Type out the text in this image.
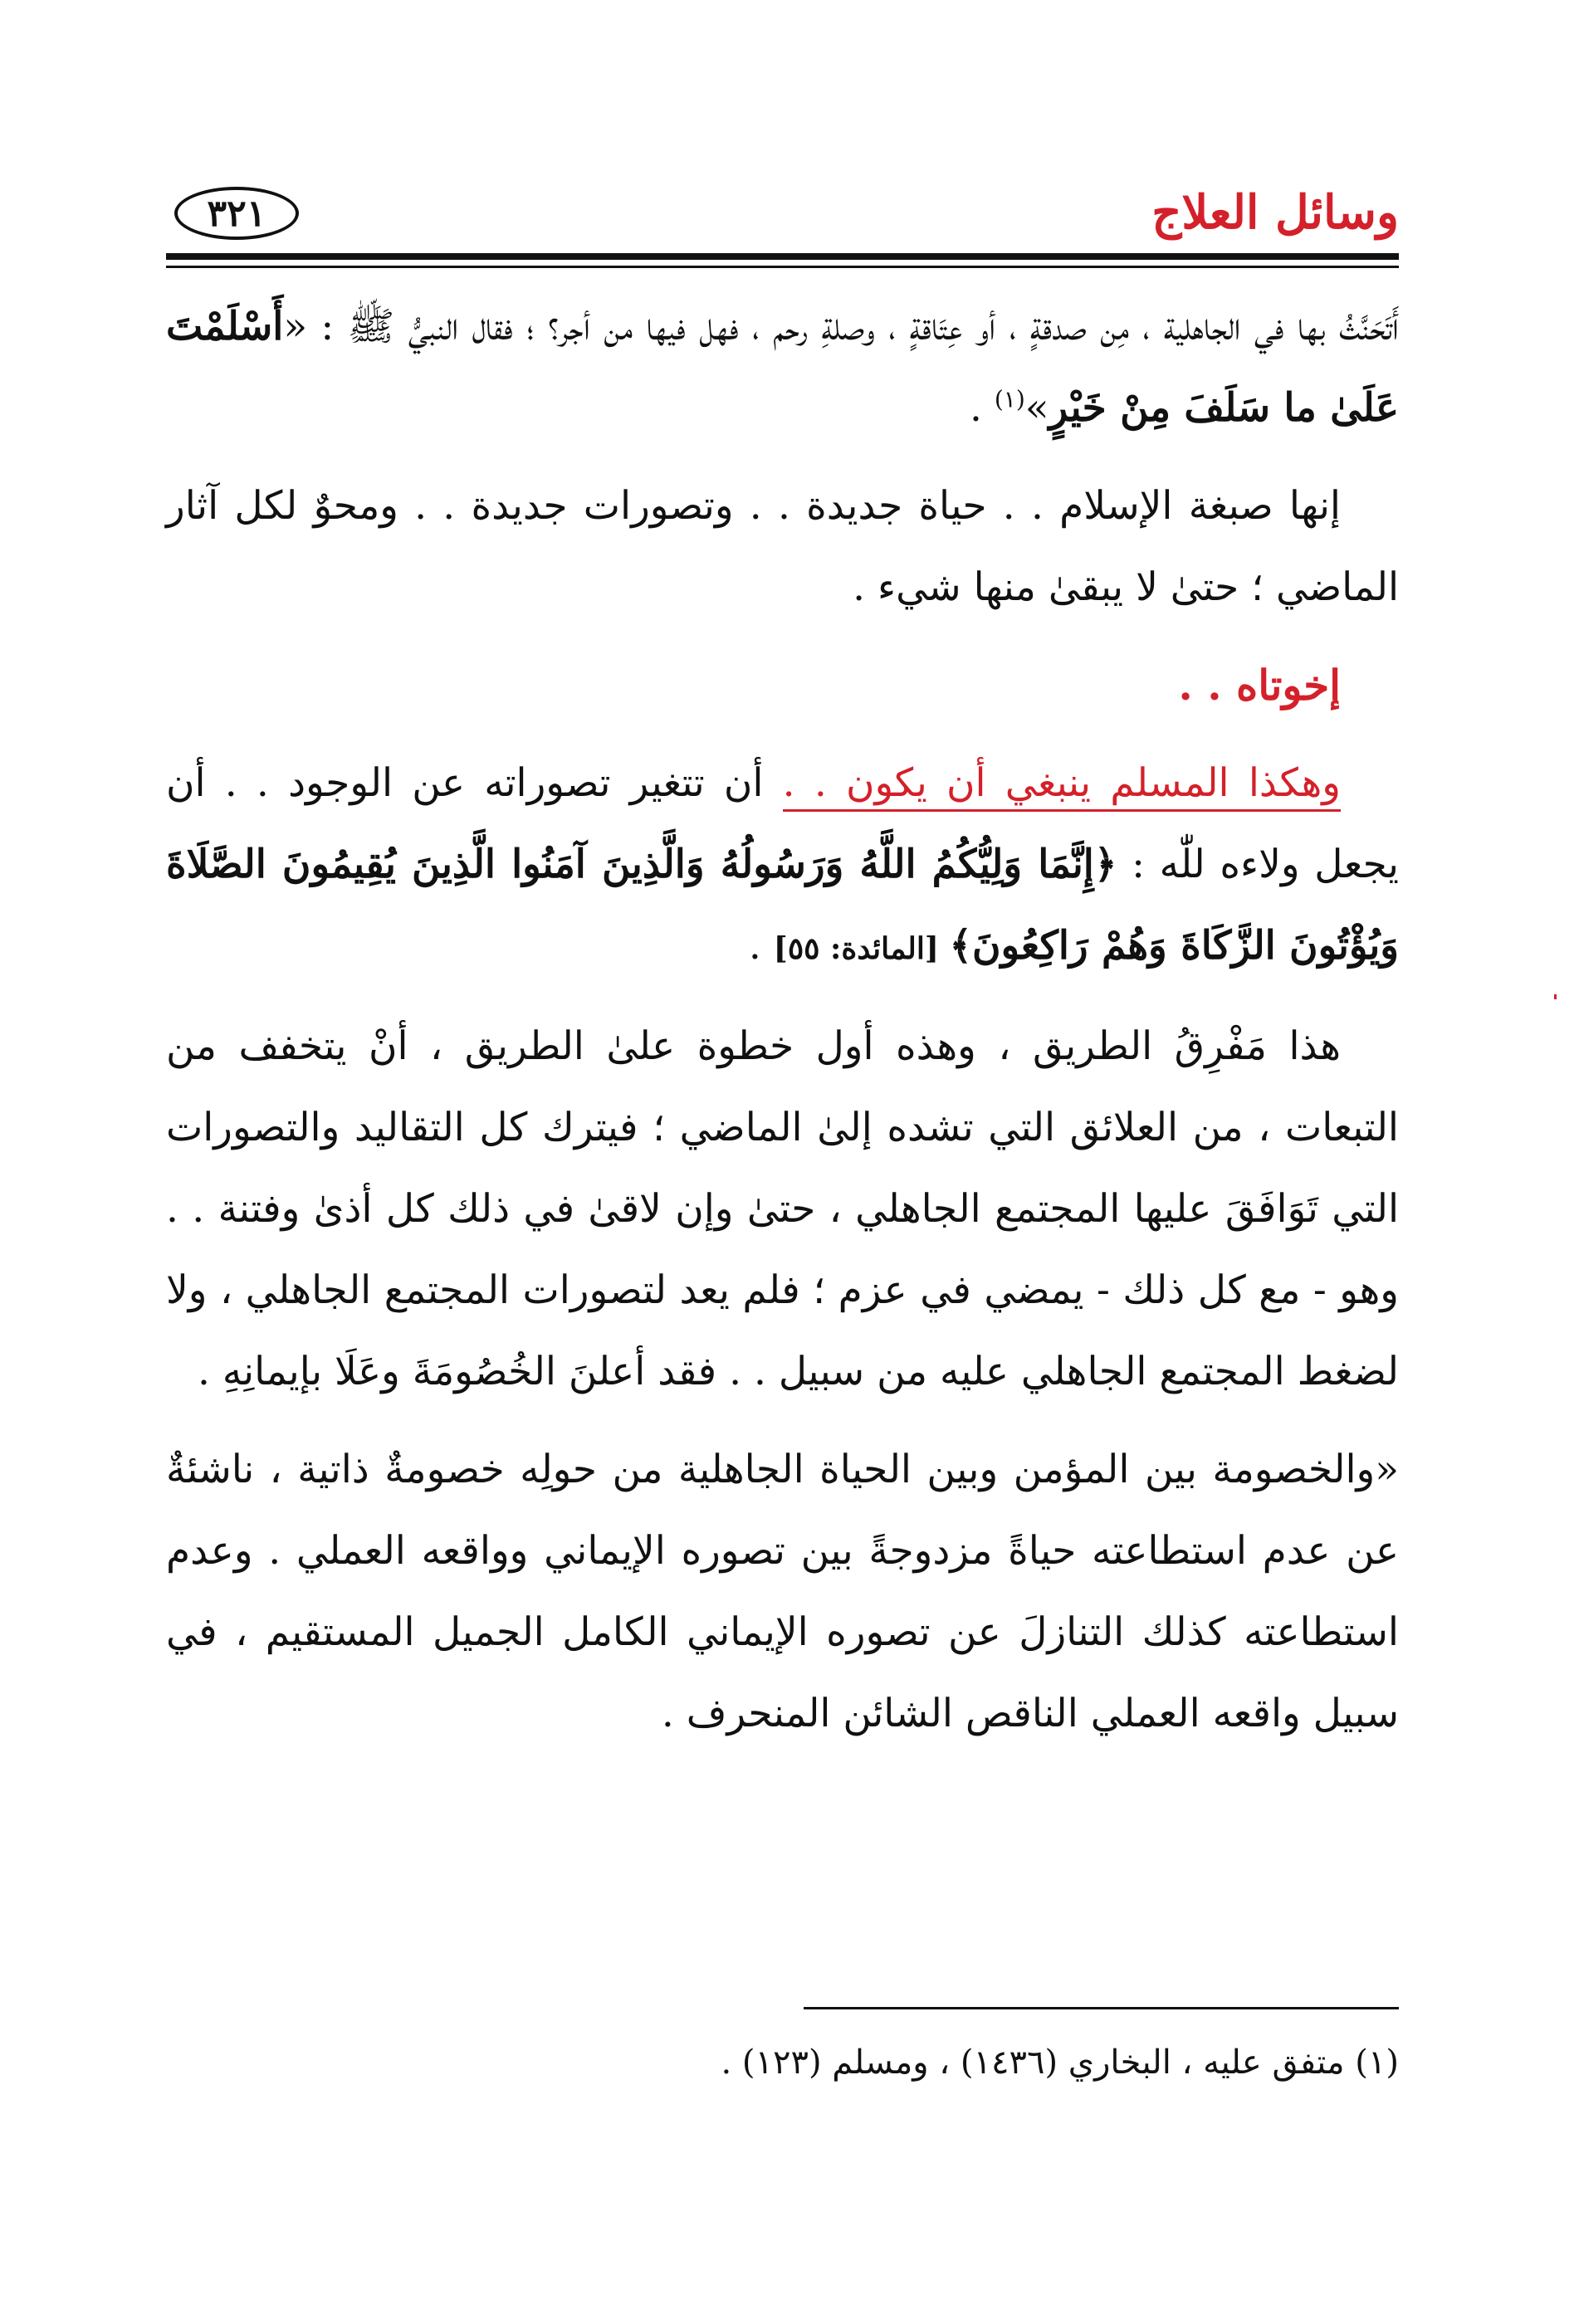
وسائل العلاج
٣٢١

أَتَحَنَّثُ بها في الجاهلية ، مِن صدقةٍ ، أو عِتَاقةٍ ، وصلةِ رحم ، فهل فيها من أجر؟ ؛ فقال النبيُّ ﷺ : «أَسْلَمْتَ عَلَىٰ ما سَلَفَ مِنْ خَيْرٍ»$^{(١)}$ .

إنها صبغة الإسلام . . حياة جديدة . . وتصورات جديدة . . ومحوٌ لكل آثار الماضي ؛ حتىٰ لا يبقىٰ منها شيء .

إخوتاه . .

وهكذا المسلم ينبغي أن يكون . . أن تتغير تصوراته عن الوجود . . أن يجعل ولاءه للّٰه : ﴿إِنَّمَا وَلِيُّكُمُ اللَّهُ وَرَسُولُهُ وَالَّذِينَ آمَنُوا الَّذِينَ يُقِيمُونَ الصَّلَاةَ وَيُؤْتُونَ الزَّكَاةَ وَهُمْ رَاكِعُونَ﴾ [المائدة: ٥٥] .

هذا مَفْرِقُ الطريق ، وهذه أول خطوة علىٰ الطريق ، أنْ يتخفف من التبعات ، من العلائق التي تشده إلىٰ الماضي ؛ فيترك كل التقاليد والتصورات التي تَوَافَقَ عليها المجتمع الجاهلي ، حتىٰ وإن لاقىٰ في ذلك كل أذىٰ وفتنة . . وهو - مع كل ذلك - يمضي في عزم ؛ فلم يعد لتصورات المجتمع الجاهلي ، ولا لضغط المجتمع الجاهلي عليه من سبيل . . فقد أعلنَ الخُصُومَةَ وعَلَا بإيمانِهِ .

«والخصومة بين المؤمن وبين الحياة الجاهلية من حولِه خصومةٌ ذاتية ، ناشئةٌ عن عدم استطاعته حياةً مزدوجةً بين تصوره الإيماني وواقعه العملي . وعدم استطاعته كذلك التنازلَ عن تصوره الإيماني الكامل الجميل المستقيم ، في سبيل واقعه العملي الناقص الشائن المنحرف .

(١) متفق عليه ، البخاري (١٤٣٦) ، ومسلم (١٢٣) .
